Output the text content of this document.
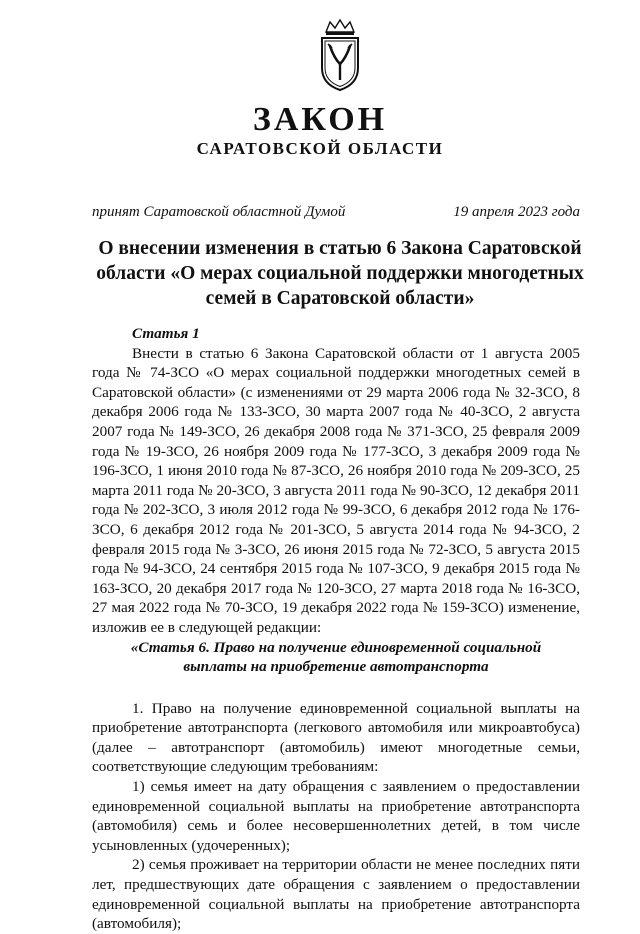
ЗАКОН
САРАТОВСКОЙ ОБЛАСТИ
принят Саратовской областной Думой	19 апреля 2023 года
О внесении изменения в статью 6 Закона Саратовской области «О мерах социальной поддержки многодетных семей в Саратовской области»
Статья 1

Внести в статью 6 Закона Саратовской области от 1 августа 2005 года № 74-ЗСО «О мерах социальной поддержки многодетных семей в Саратовской области» (с изменениями от 29 марта 2006 года № 32-ЗСО, 8 декабря 2006 года № 133-ЗСО, 30 марта 2007 года № 40-ЗСО, 2 августа 2007 года № 149-ЗСО, 26 декабря 2008 года № 371-ЗСО, 25 февраля 2009 года № 19-ЗСО, 26 ноября 2009 года № 177-ЗСО, 3 декабря 2009 года № 196-ЗСО, 1 июня 2010 года № 87-ЗСО, 26 ноября 2010 года № 209-ЗСО, 25 марта 2011 года № 20-ЗСО, 3 августа 2011 года № 90-ЗСО, 12 декабря 2011 года № 202-ЗСО, 3 июля 2012 года № 99-ЗСО, 6 декабря 2012 года № 176-ЗСО, 6 декабря 2012 года № 201-ЗСО, 5 августа 2014 года № 94-ЗСО, 2 февраля 2015 года № 3-ЗСО, 26 июня 2015 года № 72-ЗСО, 5 августа 2015 года № 94-ЗСО, 24 сентября 2015 года № 107-ЗСО, 9 декабря 2015 года № 163-ЗСО, 20 декабря 2017 года № 120-ЗСО, 27 марта 2018 года № 16-ЗСО, 27 мая 2022 года № 70-ЗСО, 19 декабря 2022 года № 159-ЗСО) изменение, изложив ее в следующей редакции:

«Статья 6. Право на получение единовременной социальной выплаты на приобретение автотранспорта

1. Право на получение единовременной социальной выплаты на приобретение автотранспорта (легкового автомобиля или микроавтобуса) (далее – автотранспорт (автомобиль) имеют многодетные семьи, соответствующие следующим требованиям:

1) семья имеет на дату обращения с заявлением о предоставлении единовременной социальной выплаты на приобретение автотранспорта (автомобиля) семь и более несовершеннолетних детей, в том числе усыновленных (удочеренных);

2) семья проживает на территории области не менее последних пяти лет, предшествующих дате обращения с заявлением о предоставлении единовременной социальной выплаты на приобретение автотранспорта (автомобиля);
